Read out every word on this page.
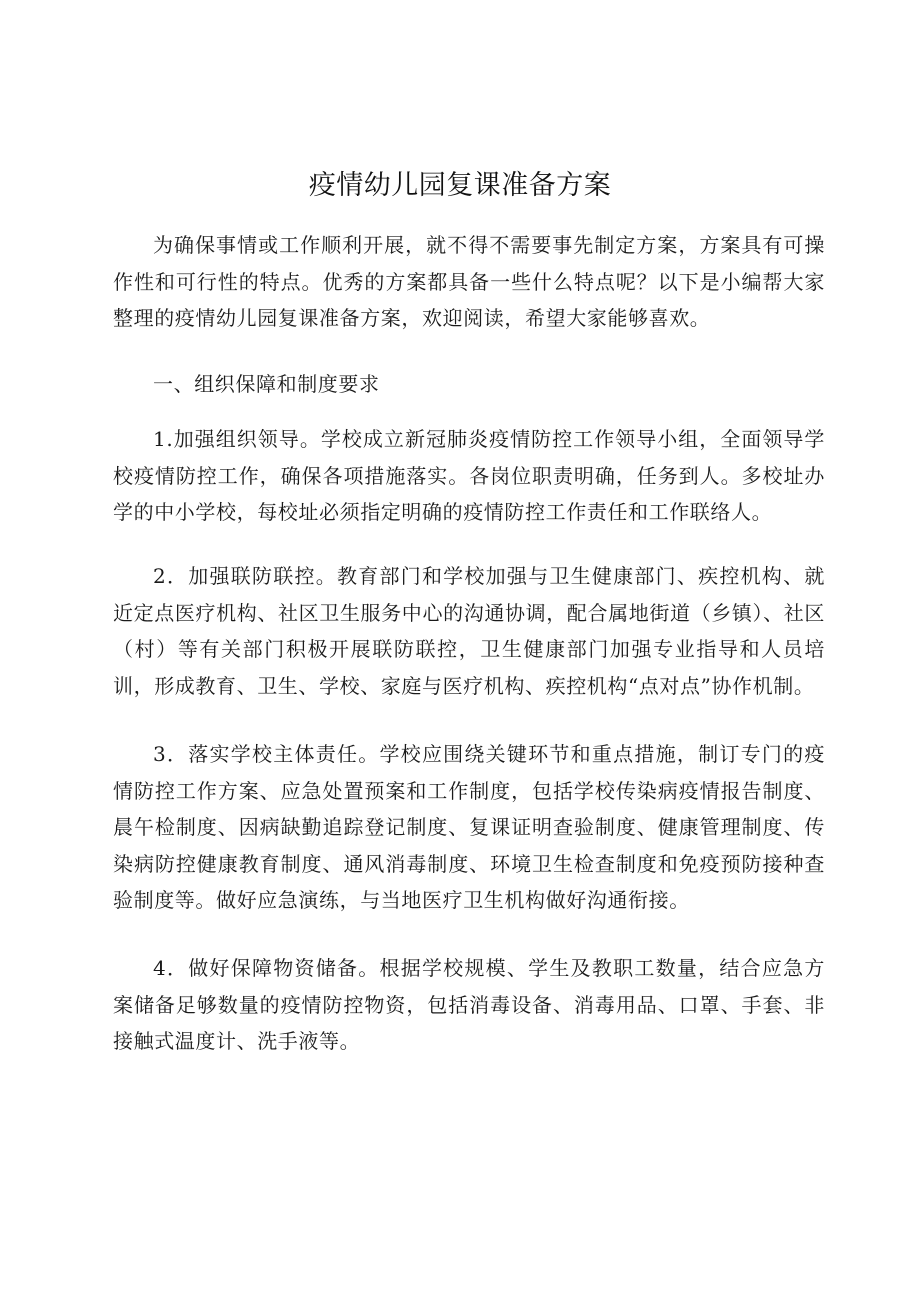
疫情幼儿园复课准备方案

为确保事情或工作顺利开展，就不得不需要事先制定方案，方案具有可操作性和可行性的特点。优秀的方案都具备一些什么特点呢？以下是小编帮大家整理的疫情幼儿园复课准备方案，欢迎阅读，希望大家能够喜欢。

一、组织保障和制度要求

1.加强组织领导。学校成立新冠肺炎疫情防控工作领导小组，全面领导学校疫情防控工作，确保各项措施落实。各岗位职责明确，任务到人。多校址办学的中小学校，每校址必须指定明确的疫情防控工作责任和工作联络人。

2．加强联防联控。教育部门和学校加强与卫生健康部门、疾控机构、就近定点医疗机构、社区卫生服务中心的沟通协调，配合属地街道（乡镇）、社区（村）等有关部门积极开展联防联控，卫生健康部门加强专业指导和人员培训，形成教育、卫生、学校、家庭与医疗机构、疾控机构“点对点”协作机制。

3．落实学校主体责任。学校应围绕关键环节和重点措施，制订专门的疫情防控工作方案、应急处置预案和工作制度，包括学校传染病疫情报告制度、晨午检制度、因病缺勤追踪登记制度、复课证明查验制度、健康管理制度、传染病防控健康教育制度、通风消毒制度、环境卫生检查制度和免疫预防接种查验制度等。做好应急演练，与当地医疗卫生机构做好沟通衔接。

4．做好保障物资储备。根据学校规模、学生及教职工数量，结合应急方案储备足够数量的疫情防控物资，包括消毒设备、消毒用品、口罩、手套、非接触式温度计、洗手液等。
